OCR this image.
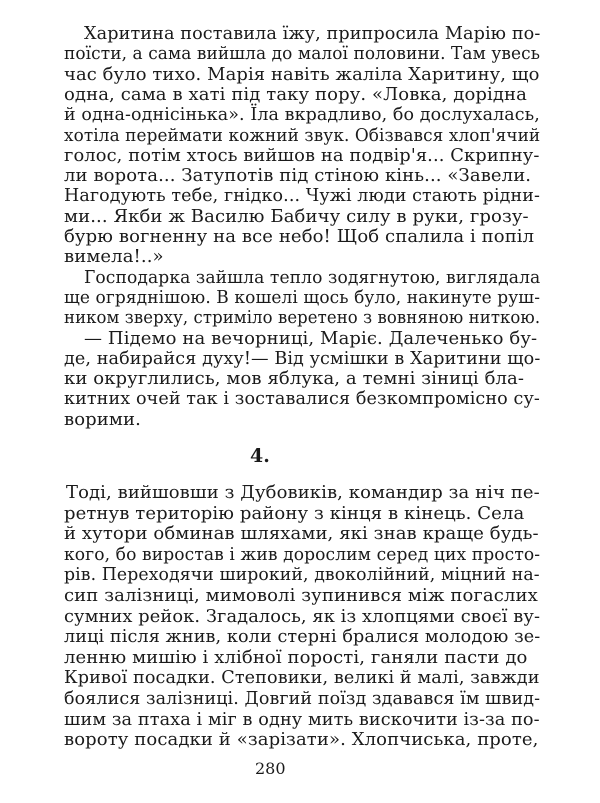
Харитина поставила їжу, припросила Марію по-
поїсти, а сама вийшла до малої половини. Там увесь
час було тихо. Марія навіть жаліла Харитину, що
одна, сама в хаті під таку пору. «Ловка, дорідна
й одна-однісінька». Їла вкрадливо, бо дослухалась,
хотіла переймати кожний звук. Обізвався хлоп'ячий
голос, потім хтось вийшов на подвір'я... Скрипну-
ли ворота... Затупотів під стіною кінь... «Завели.
Нагодують тебе, гнідко... Чужі люди стають рідни-
ми... Якби ж Василю Бабичу силу в руки, грозу-
бурю вогненну на все небо! Щоб спалила і попіл
вимела!..»
Господарка зайшла тепло зодягнутою, виглядала
ще огряднішою. В кошелі щось було, накинуте руш-
ником зверху, стриміло веретено з вовняною ниткою.
— Підемо на вечорниці, Маріє. Далеченько бу-
де, набирайся духу!— Від усмішки в Харитини що-
ки округлились, мов яблука, а темні зіниці бла-
китних очей так і зоставалися безкомпромісно су-
ворими.
4.
Тоді, вийшовши з Дубовиків, командир за ніч пе-
ретнув територію району з кінця в кінець. Села
й хутори обминав шляхами, які знав краще будь-
кого, бо виростав і жив дорослим серед цих просто-
рів. Переходячи широкий, двоколійний, міцний на-
сип залізниці, мимоволі зупинився між погаслих
сумних рейок. Згадалось, як із хлопцями своєї ву-
лиці після жнив, коли стерні бралися молодою зе-
ленню мишію і хлібної порості, ганяли пасти до
Кривої посадки. Степовики, великі й малі, завжди
боялися залізниці. Довгий поїзд здавався їм швид-
шим за птаха і міг в одну мить вискочити із-за по-
вороту посадки й «зарізати». Хлопчиська, проте,
280
